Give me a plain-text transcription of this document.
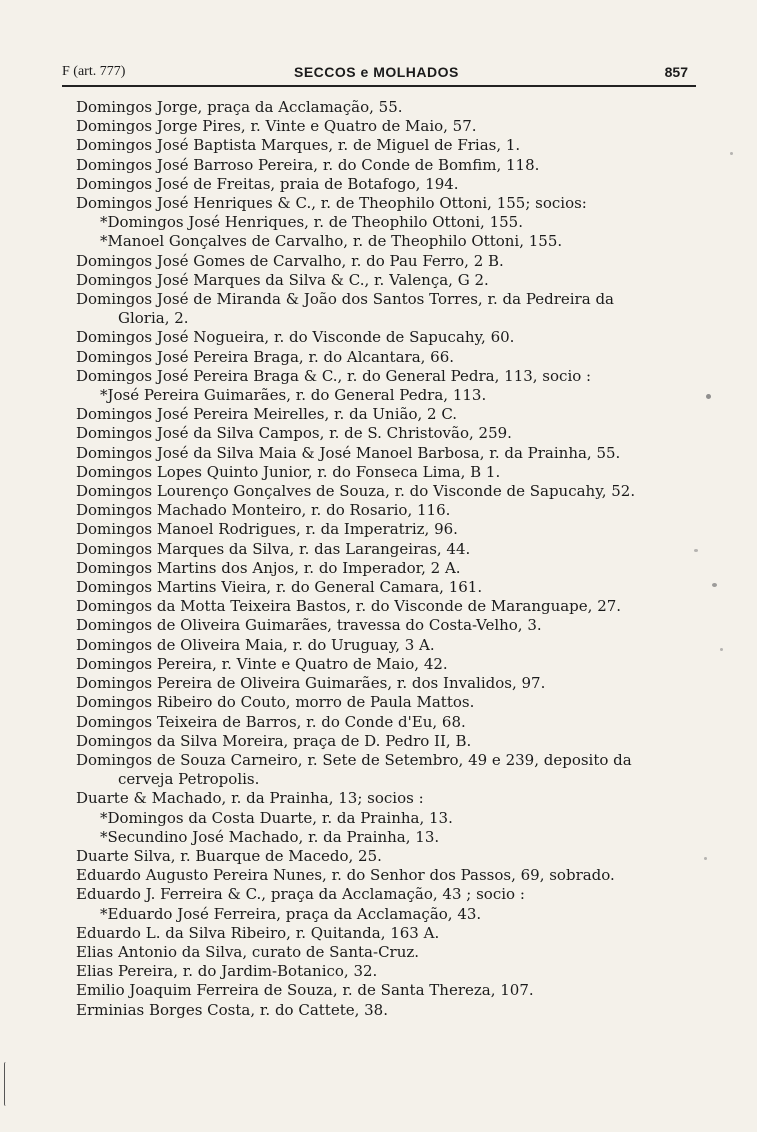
F (art. 777)	SECCOS e MOLHADOS	857
Domingos Jorge, praça da Acclamação, 55.
Domingos Jorge Pires, r. Vinte e Quatro de Maio, 57.
Domingos José Baptista Marques, r. de Miguel de Frias, 1.
Domingos José Barroso Pereira, r. do Conde de Bomfim, 118.
Domingos José de Freitas, praia de Botafogo, 194.
Domingos José Henriques & C., r. de Theophilo Ottoni, 155; socios:
*Domingos José Henriques, r. de Theophilo Ottoni, 155.
*Manoel Gonçalves de Carvalho, r. de Theophilo Ottoni, 155.
Domingos José Gomes de Carvalho, r. do Pau Ferro, 2 B.
Domingos José Marques da Silva & C., r. Valença, G 2.
Domingos José de Miranda & João dos Santos Torres, r. da Pedreira da
Gloria, 2.
Domingos José Nogueira, r. do Visconde de Sapucahy, 60.
Domingos José Pereira Braga, r. do Alcantara, 66.
Domingos José Pereira Braga & C., r. do General Pedra, 113, socio :
*José Pereira Guimarães, r. do General Pedra, 113.
Domingos José Pereira Meirelles, r. da União, 2 C.
Domingos José da Silva Campos, r. de S. Christovão, 259.
Domingos José da Silva Maia & José Manoel Barbosa, r. da Prainha, 55.
Domingos Lopes Quinto Junior, r. do Fonseca Lima, B 1.
Domingos Lourenço Gonçalves de Souza, r. do Visconde de Sapucahy, 52.
Domingos Machado Monteiro, r. do Rosario, 116.
Domingos Manoel Rodrigues, r. da Imperatriz, 96.
Domingos Marques da Silva, r. das Larangeiras, 44.
Domingos Martins dos Anjos, r. do Imperador, 2 A.
Domingos Martins Vieira, r. do General Camara, 161.
Domingos da Motta Teixeira Bastos, r. do Visconde de Maranguape, 27.
Domingos de Oliveira Guimarães, travessa do Costa-Velho, 3.
Domingos de Oliveira Maia, r. do Uruguay, 3 A.
Domingos Pereira, r. Vinte e Quatro de Maio, 42.
Domingos Pereira de Oliveira Guimarães, r. dos Invalidos, 97.
Domingos Ribeiro do Couto, morro de Paula Mattos.
Domingos Teixeira de Barros, r. do Conde d'Eu, 68.
Domingos da Silva Moreira, praça de D. Pedro II, B.
Domingos de Souza Carneiro, r. Sete de Setembro, 49 e 239, deposito da
cerveja Petropolis.
Duarte & Machado, r. da Prainha, 13; socios :
*Domingos da Costa Duarte, r. da Prainha, 13.
*Secundino José Machado, r. da Prainha, 13.
Duarte Silva, r. Buarque de Macedo, 25.
Eduardo Augusto Pereira Nunes, r. do Senhor dos Passos, 69, sobrado.
Eduardo J. Ferreira & C., praça da Acclamação, 43 ; socio :
*Eduardo José Ferreira, praça da Acclamação, 43.
Eduardo L. da Silva Ribeiro, r. Quitanda, 163 A.
Elias Antonio da Silva, curato de Santa-Cruz.
Elias Pereira, r. do Jardim-Botanico, 32.
Emilio Joaquim Ferreira de Souza, r. de Santa Thereza, 107.
Erminias Borges Costa, r. do Cattete, 38.
